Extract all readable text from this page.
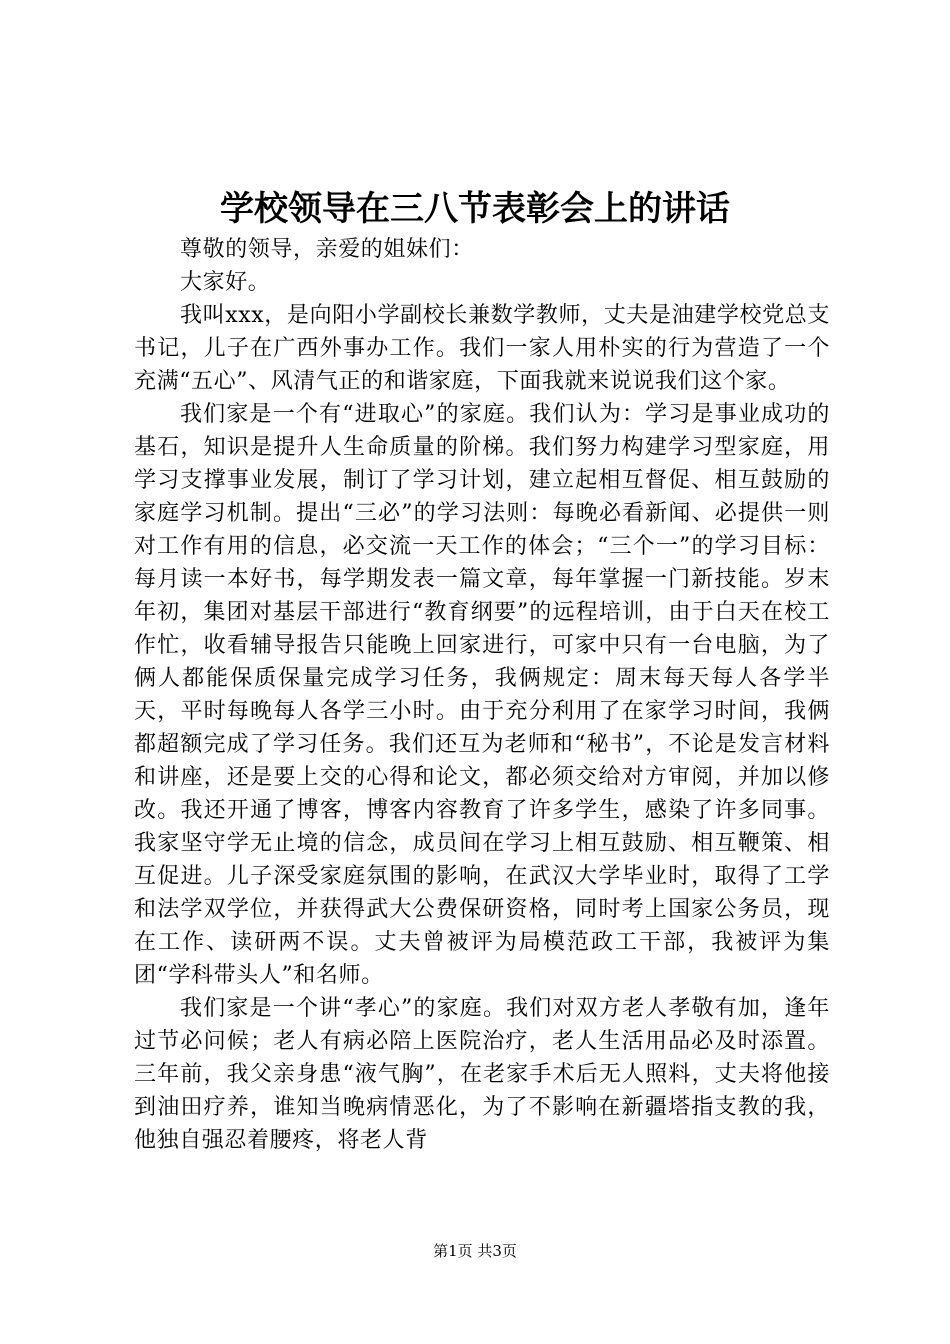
学校领导在三八节表彰会上的讲话

尊敬的领导，亲爱的姐妹们：

大家好。

我叫xxx，是向阳小学副校长兼数学教师，丈夫是油建学校党总支书记，儿子在广西外事办工作。我们一家人用朴实的行为营造了一个充满“五心”、风清气正的和谐家庭，下面我就来说说我们这个家。

我们家是一个有“进取心”的家庭。我们认为：学习是事业成功的基石，知识是提升人生命质量的阶梯。我们努力构建学习型家庭，用学习支撑事业发展，制订了学习计划，建立起相互督促、相互鼓励的家庭学习机制。提出“三必”的学习法则：每晚必看新闻、必提供一则对工作有用的信息，必交流一天工作的体会；“三个一”的学习目标：每月读一本好书，每学期发表一篇文章，每年掌握一门新技能。岁末年初，集团对基层干部进行“教育纲要”的远程培训，由于白天在校工作忙，收看辅导报告只能晚上回家进行，可家中只有一台电脑，为了俩人都能保质保量完成学习任务，我俩规定：周末每天每人各学半天，平时每晚每人各学三小时。由于充分利用了在家学习时间，我俩都超额完成了学习任务。我们还互为老师和“秘书”，不论是发言材料和讲座，还是要上交的心得和论文，都必须交给对方审阅，并加以修改。我还开通了博客，博客内容教育了许多学生，感染了许多同事。我家坚守学无止境的信念，成员间在学习上相互鼓励、相互鞭策、相互促进。儿子深受家庭氛围的影响，在武汉大学毕业时，取得了工学和法学双学位，并获得武大公费保研资格，同时考上国家公务员，现在工作、读研两不误。丈夫曾被评为局模范政工干部，我被评为集团“学科带头人”和名师。

我们家是一个讲“孝心”的家庭。我们对双方老人孝敬有加，逢年过节必问候；老人有病必陪上医院治疗，老人生活用品必及时添置。三年前，我父亲身患“液气胸”，在老家手术后无人照料，丈夫将他接到油田疗养，谁知当晚病情恶化，为了不影响在新疆塔指支教的我，他独自强忍着腰疼，将老人背

第1页 共3页
